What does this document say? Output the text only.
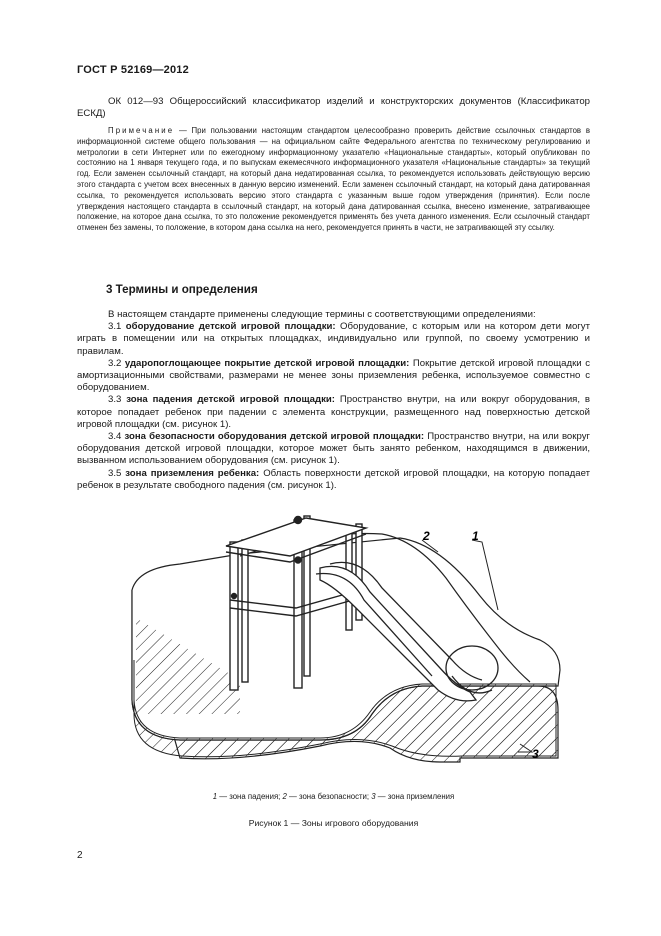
ГОСТ Р 52169—2012

ОК 012—93 Общероссийский классификатор изделий и конструкторских документов (Классификатор ЕСКД)

Примечание — При пользовании настоящим стандартом целесообразно проверить действие ссылочных стандартов в информационной системе общего пользования — на официальном сайте Федерального агентства по техническому регулированию и метрологии в сети Интернет или по ежегодному информационному указателю «Национальные стандарты», который опубликован по состоянию на 1 января текущего года, и по выпускам ежемесячного информационного указателя «Национальные стандарты» за текущий год. Если заменен ссылочный стандарт, на который дана недатированная ссылка, то рекомендуется использовать действующую версию этого стандарта с учетом всех внесенных в данную версию изменений. Если заменен ссылочный стандарт, на который дана датированная ссылка, то рекомендуется использовать версию этого стандарта с указанным выше годом утверждения (принятия). Если после утверждения настоящего стандарта в ссылочный стандарт, на который дана датированная ссылка, внесено изменение, затрагивающее положение, на которое дана ссылка, то это положение рекомендуется применять без учета данного изменения. Если ссылочный стандарт отменен без замены, то положение, в котором дана ссылка на него, рекомендуется принять в части, не затрагивающей эту ссылку.

3 Термины и определения

В настоящем стандарте применены следующие термины с соответствующими определениями:

3.1 оборудование детской игровой площадки: Оборудование, с которым или на котором дети могут играть в помещении или на открытых площадках, индивидуально или группой, по своему усмотрению и правилам.

3.2 ударопоглощающее покрытие детской игровой площадки: Покрытие детской игровой площадки с амортизационными свойствами, размерами не менее зоны приземления ребенка, используемое совместно с оборудованием.

3.3 зона падения детской игровой площадки: Пространство внутри, на или вокруг оборудования, в которое попадает ребенок при падении с элемента конструкции, размещенного над поверхностью детской игровой площадки (см. рисунок 1).

3.4 зона безопасности оборудования детской игровой площадки: Пространство внутри, на или вокруг оборудования детской игровой площадки, которое может быть занято ребенком, находящимся в движении, вызванном использованием оборудования (см. рисунок 1).

3.5 зона приземления ребенка: Область поверхности детской игровой площадки, на которую попадает ребенок в результате свободного падения (см. рисунок 1).

2	1
3
1 — зона падения; 2 — зона безопасности; 3 — зона приземления
Рисунок 1 — Зоны игрового оборудования
2
